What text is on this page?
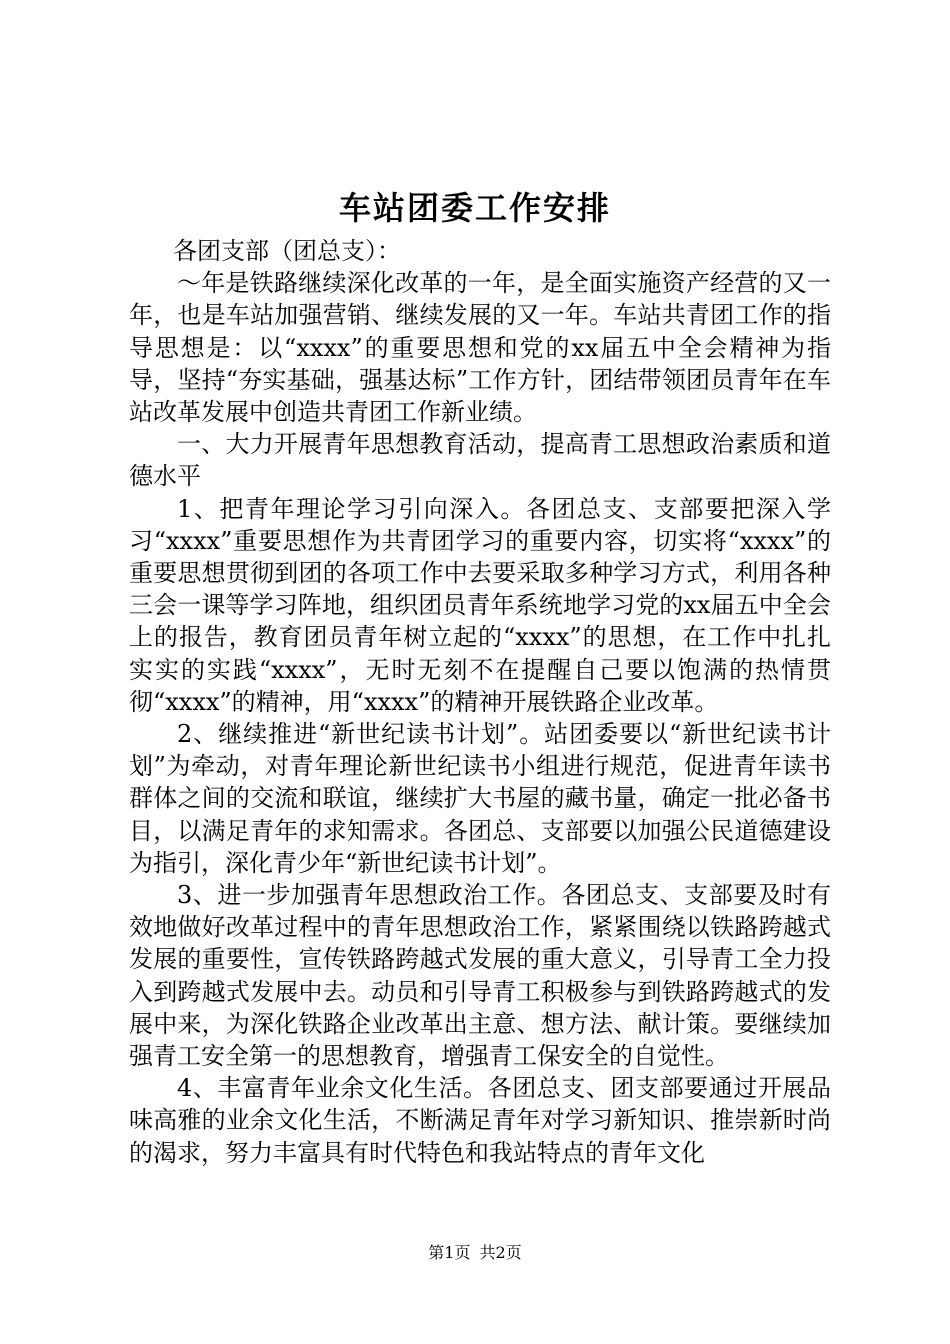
车站团委工作安排

各团支部（团总支）：

～年是铁路继续深化改革的一年，是全面实施资产经营的又一年，也是车站加强营销、继续发展的又一年。车站共青团工作的指导思想是：以“xxxx”的重要思想和党的xx届五中全会精神为指导，坚持“夯实基础，强基达标”工作方针，团结带领团员青年在车站改革发展中创造共青团工作新业绩。

一、大力开展青年思想教育活动，提高青工思想政治素质和道德水平

1、把青年理论学习引向深入。各团总支、支部要把深入学习“xxxx”重要思想作为共青团学习的重要内容，切实将“xxxx”的重要思想贯彻到团的各项工作中去要采取多种学习方式，利用各种三会一课等学习阵地，组织团员青年系统地学习党的xx届五中全会上的报告，教育团员青年树立起的“xxxx”的思想，在工作中扎扎实实的实践“xxxx”，无时无刻不在提醒自己要以饱满的热情贯彻“xxxx”的精神，用“xxxx”的精神开展铁路企业改革。

2、继续推进“新世纪读书计划”。站团委要以“新世纪读书计划”为牵动，对青年理论新世纪读书小组进行规范，促进青年读书群体之间的交流和联谊，继续扩大书屋的藏书量，确定一批必备书目，以满足青年的求知需求。各团总、支部要以加强公民道德建设为指引，深化青少年“新世纪读书计划”。

3、进一步加强青年思想政治工作。各团总支、支部要及时有效地做好改革过程中的青年思想政治工作，紧紧围绕以铁路跨越式发展的重要性，宣传铁路跨越式发展的重大意义，引导青工全力投入到跨越式发展中去。动员和引导青工积极参与到铁路跨越式的发展中来，为深化铁路企业改革出主意、想方法、献计策。要继续加强青工安全第一的思想教育，增强青工保安全的自觉性。

4、丰富青年业余文化生活。各团总支、团支部要通过开展品味高雅的业余文化生活，不断满足青年对学习新知识、推崇新时尚的渴求，努力丰富具有时代特色和我站特点的青年文化

第1页 共2页
